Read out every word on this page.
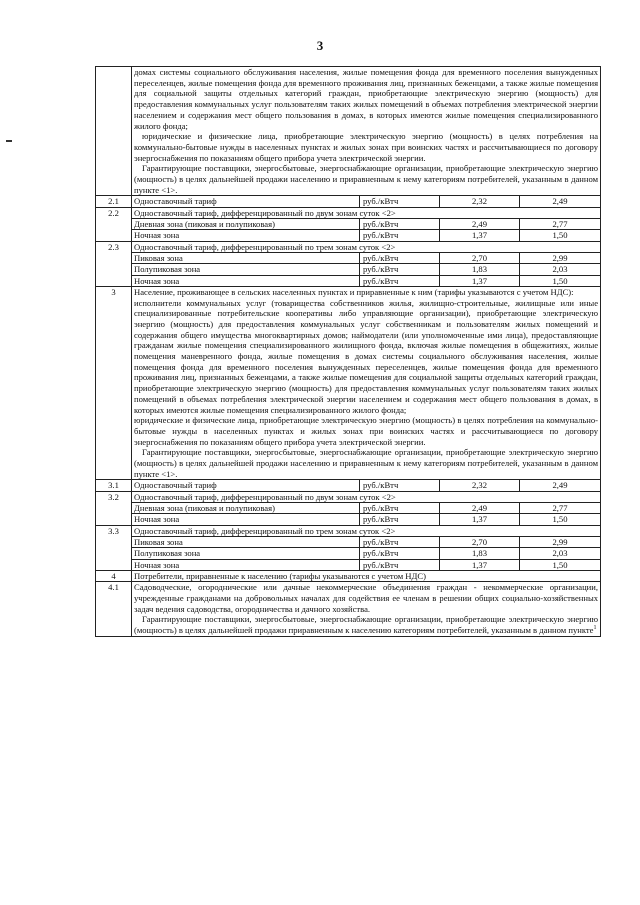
3

	домах системы социального обслуживания населения, жилые помещения фонда для временного поселения вынужденных переселенцев, жилые помещения фонда для временного проживания лиц, признанных беженцами, а также жилые помещения для социальной защиты отдельных категорий граждан, приобретающие электрическую энергию (мощность) для предоставления коммунальных услуг пользователям таких жилых помещений в объемах потребления электрической энергии населением и содержания мест общего пользования в домах, в которых имеются жилые помещения специализированного жилого фонда;

юридические и физические лица, приобретающие электрическую энергию (мощность) в целях потребления на коммунально-бытовые нужды в населенных пунктах и жилых зонах при воинских частях и рассчитывающиеся по договору энергоснабжения по показаниям общего прибора учета электрической энергии.

Гарантирующие поставщики, энергосбытовые, энергоснабжающие организации, приобретающие электрическую энергию (мощность) в целях дальнейшей продажи населению и приравненным к нему категориям потребителей, указанным в данном пункте <1>.			

2.1	Одноставочный тариф	руб./кВтч	2,32	2,49
2.2	Одноставочный тариф, дифференцированный по двум зонам суток <2>			
	Дневная зона (пиковая и полупиковая)	руб./кВтч	2,49	2,77
	Ночная зона	руб./кВтч	1,37	1,50
2.3	Одноставочный тариф, дифференцированный по трем зонам суток <2>			
	Пиковая зона	руб./кВтч	2,70	2,99
	Полупиковая зона	руб./кВтч	1,83	2,03
	Ночная зона	руб./кВтч	1,37	1,50
3	Население, проживающее в сельских населенных пунктах и приравненные к ним (тарифы указываются с учетом НДС):

исполнители коммунальных услуг (товарищества собственников жилья, жилищно-строительные, жилищные или иные специализированные потребительские кооперативы либо управляющие организации), приобретающие электрическую энергию (мощность) для предоставления коммунальных услуг собственникам и пользователям жилых помещений и содержания общего имущества многоквартирных домов; наймодатели (или уполномоченные ими лица), предоставляющие гражданам жилые помещения специализированного жилищного фонда, включая жилые помещения в общежитиях, жилые помещения маневренного фонда, жилые помещения в домах системы социального обслуживания населения, жилые помещения фонда для временного поселения вынужденных переселенцев, жилые помещения фонда для временного проживания лиц, признанных беженцами, а также жилые помещения для социальной защиты отдельных категорий граждан, приобретающие электрическую энергию (мощность) для предоставления коммунальных услуг пользователям таких жилых помещений в объемах потребления электрической энергии населением и содержания мест общего пользования в домах, в которых имеются жилые помещения специализированного жилого фонда;

юридические и физические лица, приобретающие электрическую энергию (мощность) в целях потребления на коммунально-бытовые нужды в населенных пунктах и жилых зонах при воинских частях и рассчитывающиеся по договору энергоснабжения по показаниям общего прибора учета электрической энергии.

Гарантирующие поставщики, энергосбытовые, энергоснабжающие организации, приобретающие электрическую энергию (мощность) в целях дальнейшей продажи населению и приравненным к нему категориям потребителей, указанным в данном пункте <1>.			

3.1	Одноставочный тариф	руб./кВтч	2,32	2,49
3.2	Одноставочный тариф, дифференцированный по двум зонам суток <2>			
	Дневная зона (пиковая и полупиковая)	руб./кВтч	2,49	2,77
	Ночная зона	руб./кВтч	1,37	1,50
3.3	Одноставочный тариф, дифференцированный по трем зонам суток <2>			
	Пиковая зона	руб./кВтч	2,70	2,99
	Полупиковая зона	руб./кВтч	1,83	2,03
	Ночная зона	руб./кВтч	1,37	1,50
4	Потребители, приравненные к населению (тарифы указываются с учетом НДС)			
4.1	Садоводческие, огороднические или дачные некоммерческие объединения граждан - некоммерческие организации, учрежденные гражданами на добровольных началах для содействия ее членам в решении общих социально-хозяйственных задач ведения садоводства, огородничества и дачного хозяйства.

Гарантирующие поставщики, энергосбытовые, энергоснабжающие организации, приобретающие электрическую энергию (мощность) в целях дальнейшей продажи приравненным к населению категориям потребителей, указанным в данном пункте$^1$
